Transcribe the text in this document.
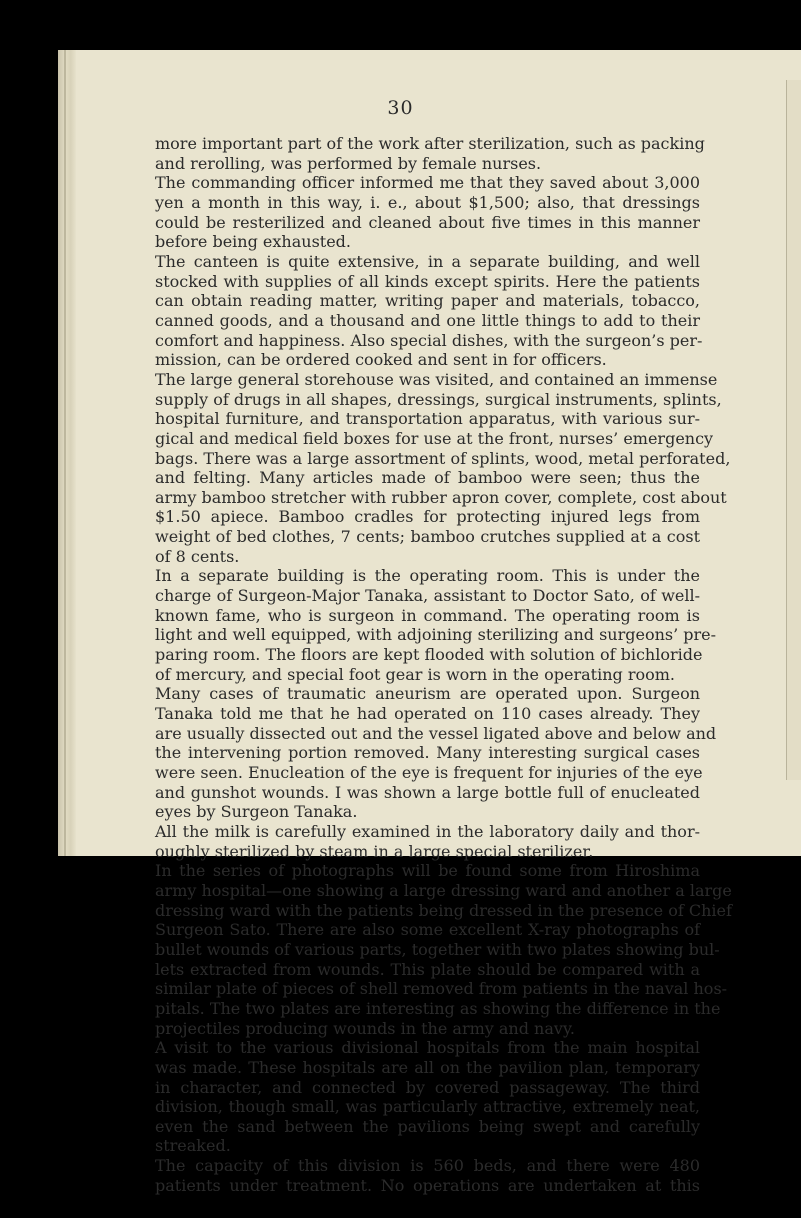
30
more important part of the work after sterilization, such as packing
and rerolling, was performed by female nurses.
The commanding officer informed me that they saved about 3,000
yen a month in this way, i. e., about $1,500; also, that dressings
could be resterilized and cleaned about five times in this manner
before being exhausted.
The canteen is quite extensive, in a separate building, and well
stocked with supplies of all kinds except spirits. Here the patients
can obtain reading matter, writing paper and materials, tobacco,
canned goods, and a thousand and one little things to add to their
comfort and happiness. Also special dishes, with the surgeon’s per-
mission, can be ordered cooked and sent in for officers.
The large general storehouse was visited, and contained an immense
supply of drugs in all shapes, dressings, surgical instruments, splints,
hospital furniture, and transportation apparatus, with various sur-
gical and medical field boxes for use at the front, nurses’ emergency
bags. There was a large assortment of splints, wood, metal perforated,
and felting. Many articles made of bamboo were seen; thus the
army bamboo stretcher with rubber apron cover, complete, cost about
$1.50 apiece. Bamboo cradles for protecting injured legs from
weight of bed clothes, 7 cents; bamboo crutches supplied at a cost
of 8 cents.
In a separate building is the operating room. This is under the
charge of Surgeon-Major Tanaka, assistant to Doctor Sato, of well-
known fame, who is surgeon in command. The operating room is
light and well equipped, with adjoining sterilizing and surgeons’ pre-
paring room. The floors are kept flooded with solution of bichloride
of mercury, and special foot gear is worn in the operating room.
Many cases of traumatic aneurism are operated upon. Surgeon
Tanaka told me that he had operated on 110 cases already. They
are usually dissected out and the vessel ligated above and below and
the intervening portion removed. Many interesting surgical cases
were seen. Enucleation of the eye is frequent for injuries of the eye
and gunshot wounds. I was shown a large bottle full of enucleated
eyes by Surgeon Tanaka.
All the milk is carefully examined in the laboratory daily and thor-
oughly sterilized by steam in a large special sterilizer.
In the series of photographs will be found some from Hiroshima
army hospital—one showing a large dressing ward and another a large
dressing ward with the patients being dressed in the presence of Chief
Surgeon Sato. There are also some excellent X-ray photographs of
bullet wounds of various parts, together with two plates showing bul-
lets extracted from wounds. This plate should be compared with a
similar plate of pieces of shell removed from patients in the naval hos-
pitals. The two plates are interesting as showing the difference in the
projectiles producing wounds in the army and navy.
A visit to the various divisional hospitals from the main hospital
was made. These hospitals are all on the pavilion plan, temporary
in character, and connected by covered passageway. The third
division, though small, was particularly attractive, extremely neat,
even the sand between the pavilions being swept and carefully
streaked.
The capacity of this division is 560 beds, and there were 480
patients under treatment. No operations are undertaken at this
